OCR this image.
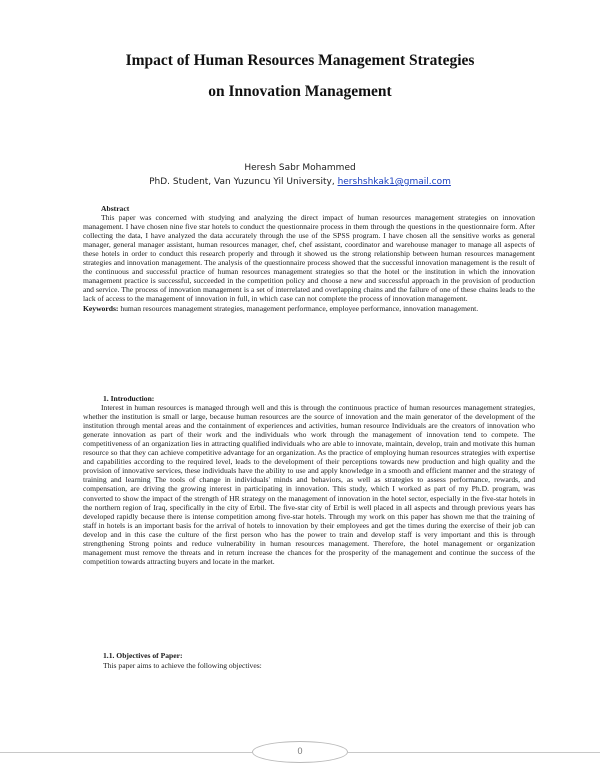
Impact of Human Resources Management Strategies
on Innovation Management
Heresh Sabr Mohammed
PhD. Student, Van Yuzuncu Yil University, hershshkak1@gmail.com

Abstract

This paper was concerned with studying and analyzing the direct impact of human resources management strategies on innovation management. I have chosen nine five star hotels to conduct the questionnaire process in them through the questions in the questionnaire form. After collecting the data, I have analyzed the data accurately through the use of the SPSS program. I have chosen all the sensitive works as general manager, general manager assistant, human resources manager, chef, chef assistant, coordinator and warehouse manager to manage all aspects of these hotels in order to conduct this research properly and through it showed us the strong relationship between human resources management strategies and innovation management. The analysis of the questionnaire process showed that the successful innovation management is the result of the continuous and successful practice of human resources management strategies so that the hotel or the institution in which the innovation management practice is successful, succeeded in the competition policy and choose a new and successful approach in the provision of production and service. The process of innovation management is a set of interrelated and overlapping chains and the failure of one of these chains leads to the lack of access to the management of innovation in full, in which case can not complete the process of innovation management.

Keywords: human resources management strategies, management performance, employee performance, innovation management.

1. Introduction:

Interest in human resources is managed through well and this is through the continuous practice of human resources management strategies, whether the institution is small or large, because human resources are the source of innovation and the main generator of the development of the institution through mental areas and the containment of experiences and activities, human resource Individuals are the creators of innovation who generate innovation as part of their work and the individuals who work through the management of innovation tend to compete. The competitiveness of an organization lies in attracting qualified individuals who are able to innovate, maintain, develop, train and motivate this human resource so that they can achieve competitive advantage for an organization. As the practice of employing human resources strategies with expertise and capabilities according to the required level, leads to the development of their perceptions towards new production and high quality and the provision of innovative services, these individuals have the ability to use and apply knowledge in a smooth and efficient manner and the strategy of training and learning The tools of change in individuals' minds and behaviors, as well as strategies to assess performance, rewards, and compensation, are driving the growing interest in participating in innovation. This study, which I worked as part of my Ph.D. program, was converted to show the impact of the strength of HR strategy on the management of innovation in the hotel sector, especially in the five-star hotels in the northern region of Iraq, specifically in the city of Erbil. The five-star city of Erbil is well placed in all aspects and through previous years has developed rapidly because there is intense competition among five-star hotels. Through my work on this paper has shown me that the training of staff in hotels is an important basis for the arrival of hotels to innovation by their employees and get the times during the exercise of their job can develop and in this case the culture of the first person who has the power to train and develop staff is very important and this is through strengthening Strong points and reduce vulnerability in human resources management. Therefore, the hotel management or organization management must remove the threats and in return increase the chances for the prosperity of the management and continue the success of the competition towards attracting buyers and locate in the market.

1.1. Objectives of Paper:
This paper aims to achieve the following objectives:
0
